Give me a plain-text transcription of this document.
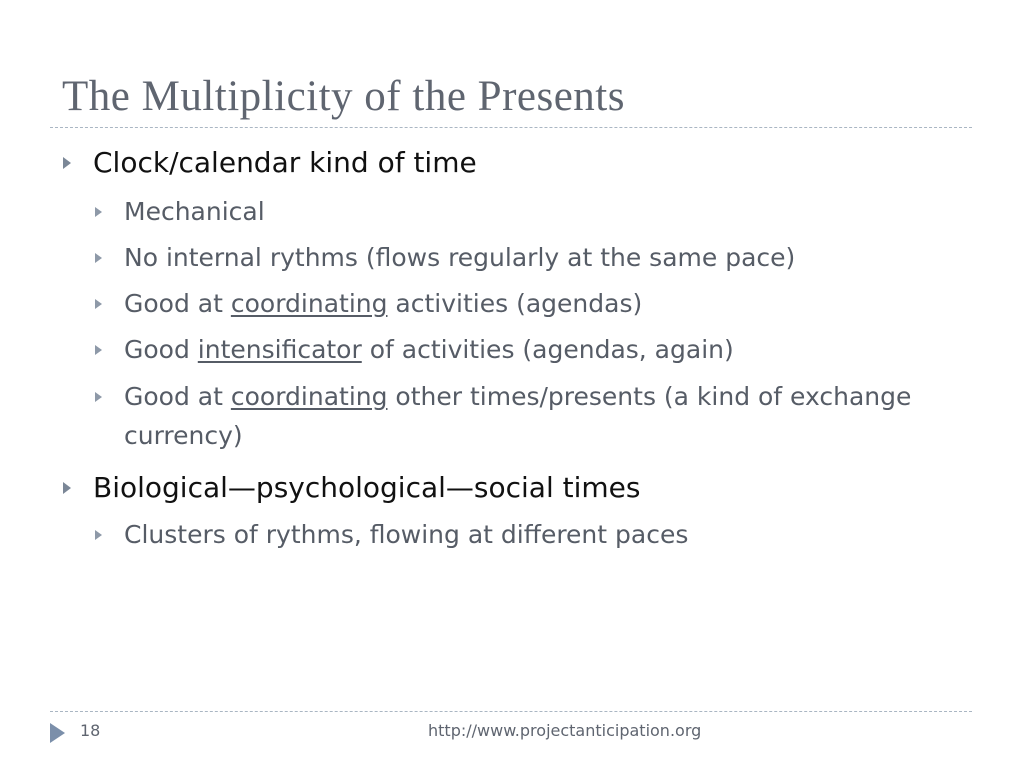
The Multiplicity of the Presents
Clock/calendar kind of time
Mechanical
No internal rythms (flows regularly at the same pace)
Good at coordinating activities (agendas)
Good intensificator of activities (agendas, again)
Good at coordinating other times/presents (a kind of exchange
currency)
Biological—psychological—social times
Clusters of rythms, flowing at different paces
18	http://www.projectanticipation.org
